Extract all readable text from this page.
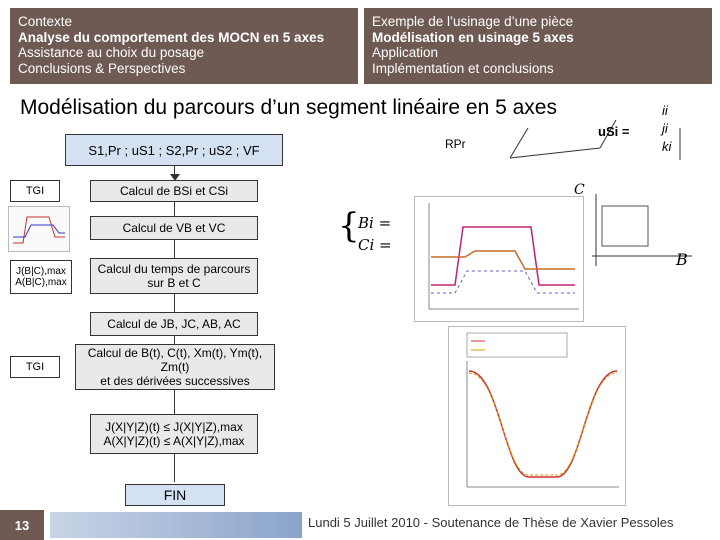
Contexte
Analyse du comportement des MOCN en 5 axes
Assistance au choix du posage
Conclusions & Perspectives
Exemple de l’usinage d’une pièce
Modélisation en usinage 5 axes
Application
Implémentation et conclusions
Modélisation du parcours d’un segment linéaire en 5 axes
S1,Pr ; uS1 ; S2,Pr ; uS2 ; VF
TGI	Calcul de BSi et CSi
Calcul de VB et VC
J(B|C),max A(B|C),max
Calcul du temps de parcours sur B et C
Calcul de JB, JC, AB, AC
TGI
Calcul de B(t), C(t), Xm(t), Ym(t), Zm(t)
et des dérivées successives
J(X|Y|Z)(t) ≤ J(X|Y|Z),max
A(X|Y|Z)(t) ≤ A(X|Y|Z),max
FIN
RPr
uSi =
ii
ji
ki
{
Bi =
Ci =
B
C
13	Lundi 5 Juillet 2010 - Soutenance de Thèse de Xavier Pessoles
